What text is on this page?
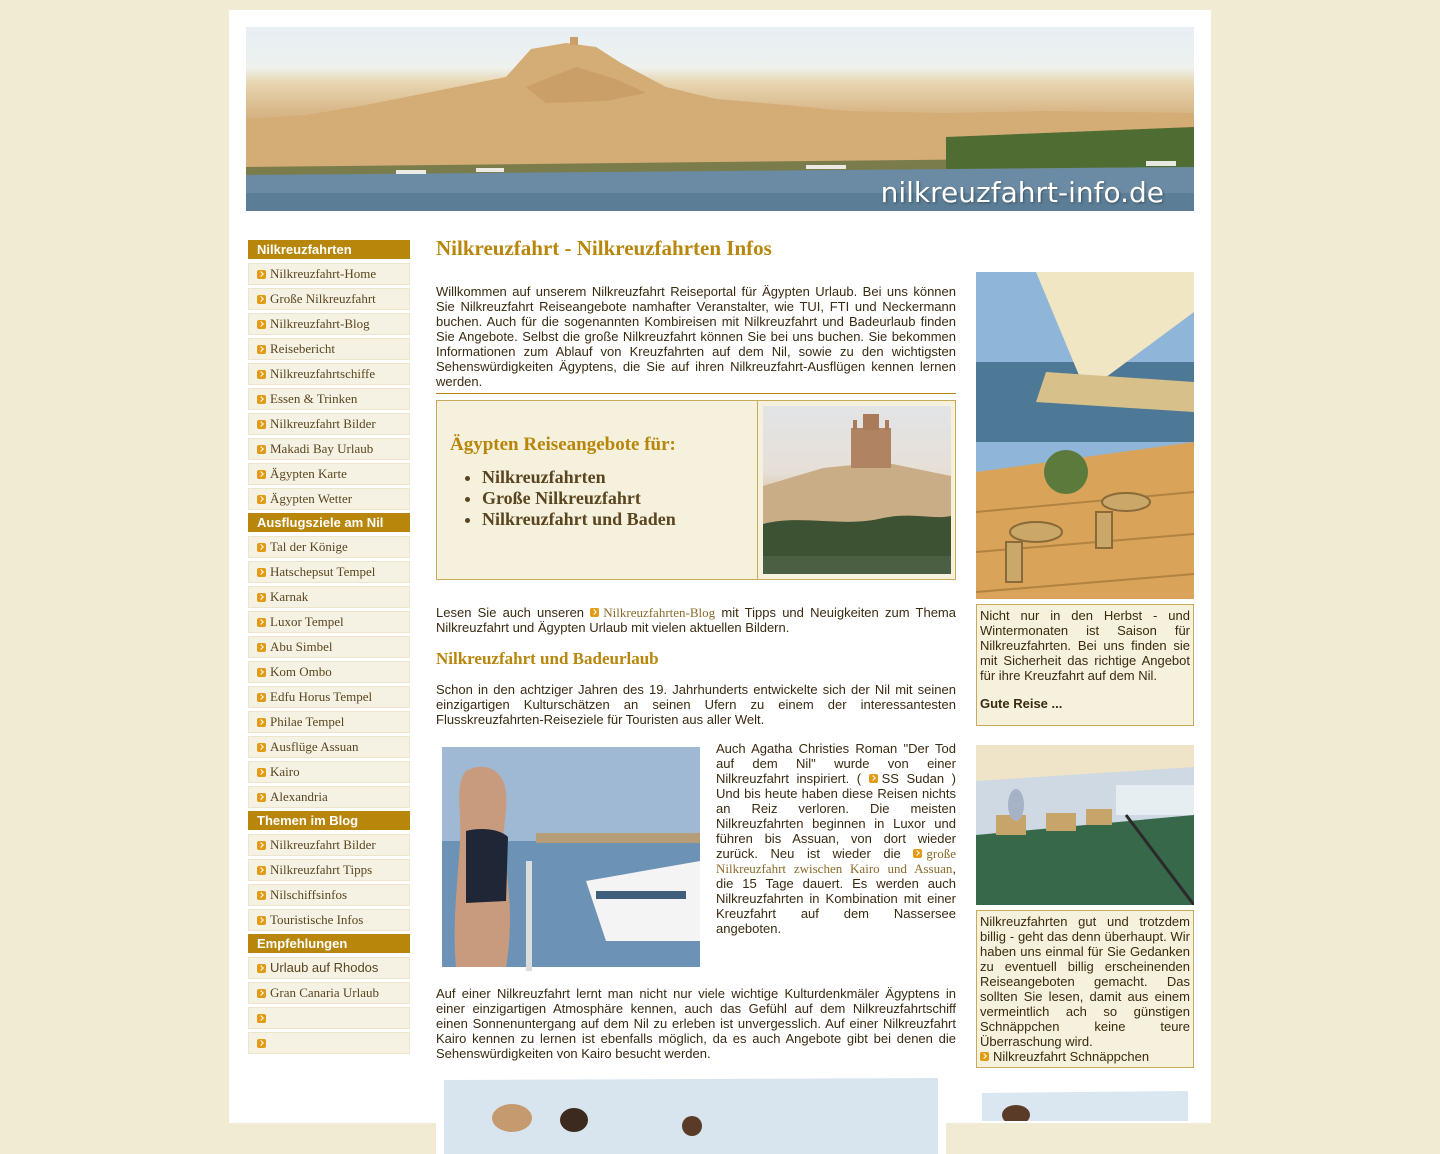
nilkreuzfahrt-info.de
Nilkreuzfahrten
Nilkreuzfahrt-Home
Große Nilkreuzfahrt
Nilkreuzfahrt-Blog
Reisebericht
Nilkreuzfahrtschiffe
Essen & Trinken
Nilkreuzfahrt Bilder
Makadi Bay Urlaub
Ägypten Karte
Ägypten Wetter
Ausflugsziele am Nil
Tal der Könige
Hatschepsut Tempel
Karnak
Luxor Tempel
Abu Simbel
Kom Ombo
Edfu Horus Tempel
Philae Tempel
Ausflüge Assuan
Kairo
Alexandria
Themen im Blog
Nilkreuzfahrt Bilder
Nilkreuzfahrt Tipps
Nilschiffsinfos
Touristische Infos
Empfehlungen
Urlaub auf Rhodos
Gran Canaria Urlaub
Nilkreuzfahrt - Nilkreuzfahrten Infos

Willkommen auf unserem Nilkreuzfahrt Reiseportal für Ägypten Urlaub. Bei uns können Sie Nilkreuzfahrt Reiseangebote namhafter Veranstalter, wie TUI, FTI und Neckermann buchen. Auch für die sogenannten Kombireisen mit Nilkreuzfahrt und Badeurlaub finden Sie Angebote. Selbst die große Nilkreuzfahrt können Sie bei uns buchen. Sie bekommen Informationen zum Ablauf von Kreuzfahrten auf dem Nil, sowie zu den wichtigsten Sehenswürdigkeiten Ägyptens, die Sie auf ihren Nilkreuzfahrt-Ausflügen kennen lernen werden.

Ägypten Reiseangebote für:
• Nilkreuzfahrten
• Große Nilkreuzfahrt
• Nilkreuzfahrt und Baden

Lesen Sie auch unseren Nilkreuzfahrten-Blog mit Tipps und Neuigkeiten zum Thema Nilkreuzfahrt und Ägypten Urlaub mit vielen aktuellen Bildern.

Nilkreuzfahrt und Badeurlaub

Schon in den achtziger Jahren des 19. Jahrhunderts entwickelte sich der Nil mit seinen einzigartigen Kulturschätzen an seinen Ufern zu einem der interessantesten Flusskreuzfahrten-Reiseziele für Touristen aus aller Welt.

Auch Agatha Christies Roman "Der Tod auf dem Nil" wurde von einer Nilkreuzfahrt inspiriert. ( SS Sudan ) Und bis heute haben diese Reisen nichts an Reiz verloren. Die meisten Nilkreuzfahrten beginnen in Luxor und führen bis Assuan, von dort wieder zurück. Neu ist wieder die große Nilkreuzfahrt zwischen Kairo und Assuan, die 15 Tage dauert. Es werden auch Nilkreuzfahrten in Kombination mit einer Kreuzfahrt auf dem Nassersee angeboten.

Auf einer Nilkreuzfahrt lernt man nicht nur viele wichtige Kulturdenkmäler Ägyptens in einer einzigartigen Atmosphäre kennen, auch das Gefühl auf dem Nilkreuzfahrtschiff einen Sonnenuntergang auf dem Nil zu erleben ist unvergesslich. Auf einer Nilkreuzfahrt Kairo kennen zu lernen ist ebenfalls möglich, da es auch Angebote gibt bei denen die Sehenswürdigkeiten von Kairo besucht werden.

Nicht nur in den Herbst - und Wintermonaten ist Saison für Nilkreuzfahrten. Bei uns finden sie mit Sicherheit das richtige Angebot für ihre Kreuzfahrt auf dem Nil.
Gute Reise ...
Nilkreuzfahrten gut und trotzdem billig - geht das denn überhaupt. Wir haben uns einmal für Sie Gedanken zu eventuell billig erscheinenden Reiseangeboten gemacht. Das sollten Sie lesen, damit aus einem vermeintlich ach so günstigen Schnäppchen keine teure Überraschung wird.
Nilkreuzfahrt Schnäppchen
